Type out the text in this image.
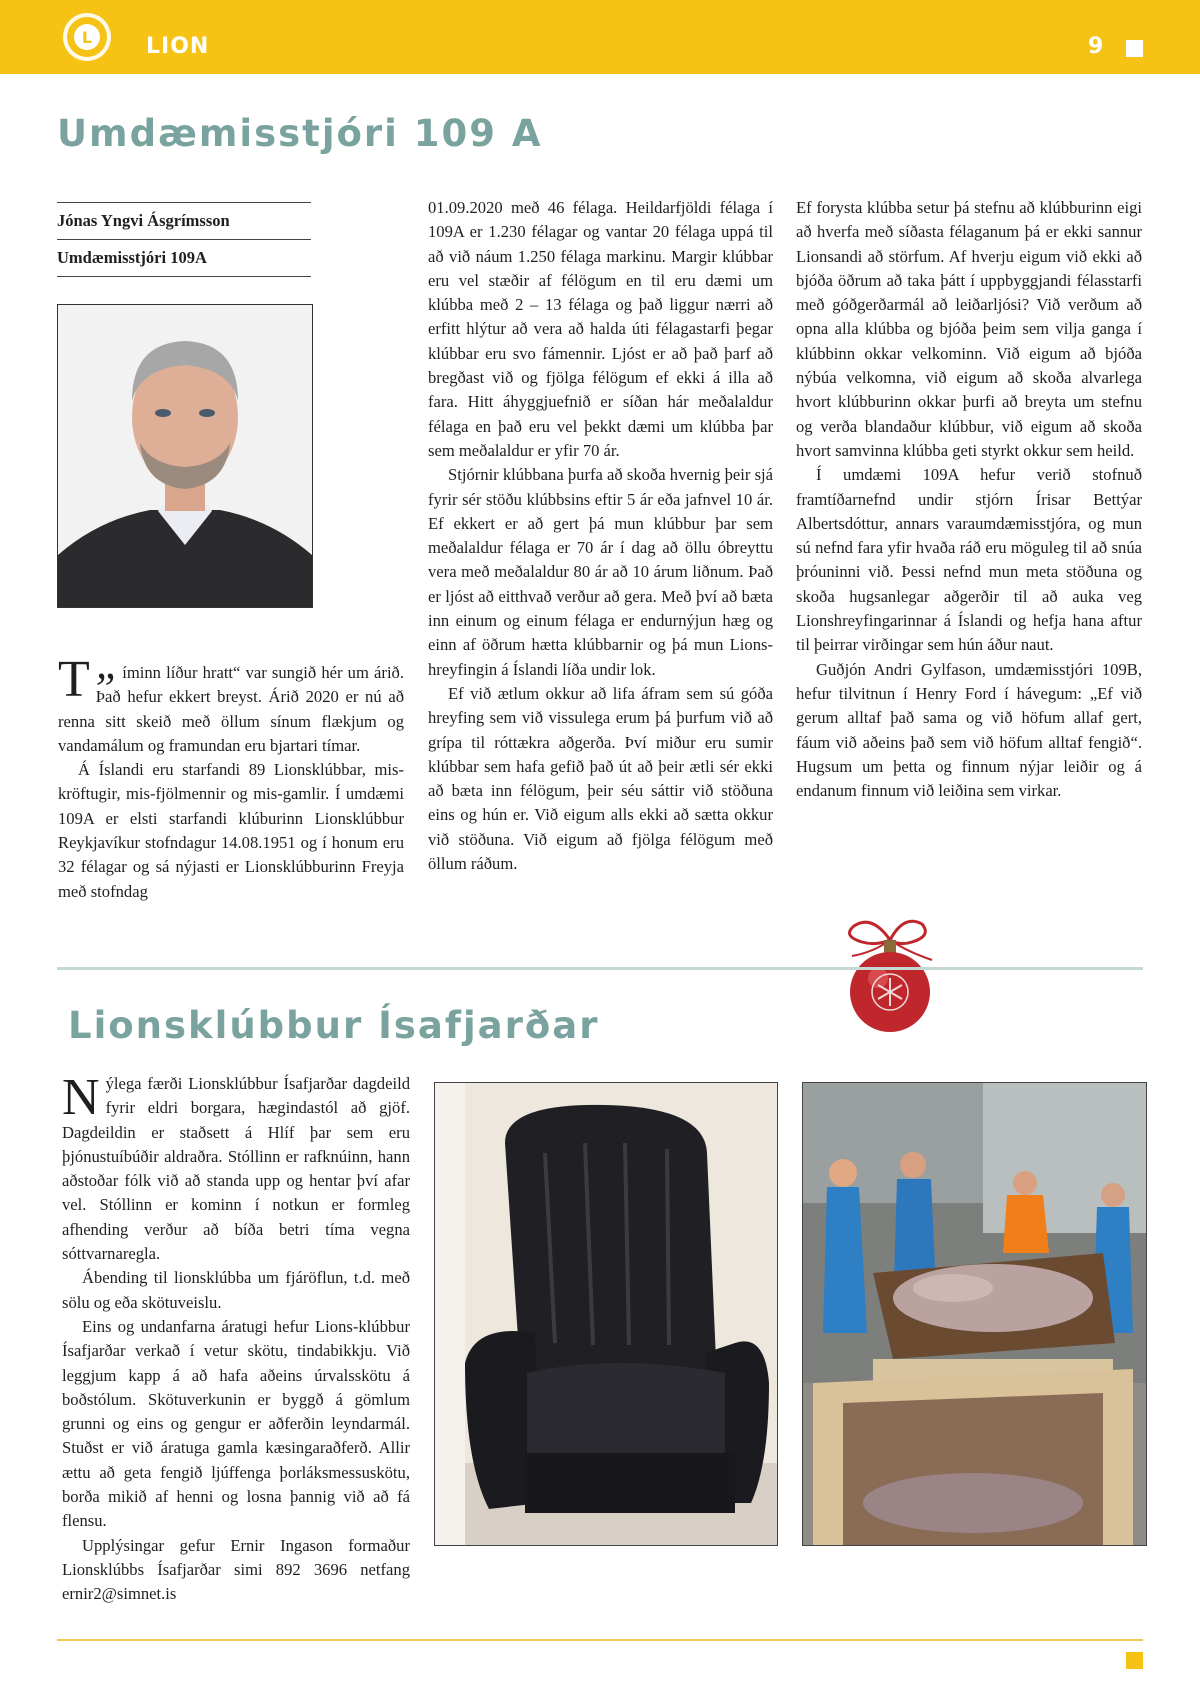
L LION	9
Umdæmisstjóri 109 A
Jónas Yngvi Ásgrímsson
Umdæmisstjóri 109A

„
T íminn líður hratt“ var sungið hér um árið. Það hefur ekkert breyst. Árið 2020 er nú að renna sitt skeið með öllum sínum flækjum og vandamálum og framundan eru bjartari tímar.

Á Íslandi eru starfandi 89 Lionsklúbbar, mis-kröftugir, mis-fjölmennir og mis-gamlir. Í umdæmi 109A er elsti starfandi klúburinn Lionsklúbbur Reykjavíkur stofndagur 14.08.1951 og í honum eru 32 félagar og sá nýjasti er Lionsklúbburinn Freyja með stofndag

01.09.2020 með 46 félaga. Heildarfjöldi félaga í 109A er 1.230 félagar og vantar 20 félaga uppá til að við náum 1.250 félaga markinu. Margir klúbbar eru vel stæðir af félögum en til eru dæmi um klúbba með 2 – 13 félaga og það liggur nærri að erfitt hlýtur að vera að halda úti félagastarfi þegar klúbbar eru svo fámennir. Ljóst er að það þarf að bregðast við og fjölga félögum ef ekki á illa að fara. Hitt áhyggjuefnið er síðan hár meðalaldur félaga en það eru vel þekkt dæmi um klúbba þar sem meðalaldur er yfir 70 ár.

Stjórnir klúbbana þurfa að skoða hvernig þeir sjá fyrir sér stöðu klúbbsins eftir 5 ár eða jafnvel 10 ár. Ef ekkert er að gert þá mun klúbbur þar sem meðalaldur félaga er 70 ár í dag að öllu óbreyttu vera með meðalaldur 80 ár að 10 árum liðnum. Það er ljóst að eitthvað verður að gera. Með því að bæta inn einum og einum félaga er endurnýjun hæg og einn af öðrum hætta klúbbarnir og þá mun Lions-hreyfingin á Íslandi líða undir lok.

Ef við ætlum okkur að lifa áfram sem sú góða hreyfing sem við vissulega erum þá þurfum við að grípa til róttækra aðgerða. Því miður eru sumir klúbbar sem hafa gefið það út að þeir ætli sér ekki að bæta inn félögum, þeir séu sáttir við stöðuna eins og hún er. Við eigum alls ekki að sætta okkur við stöðuna. Við eigum að fjölga félögum með öllum ráðum.

Ef forysta klúbba setur þá stefnu að klúbburinn eigi að hverfa með síðasta félaganum þá er ekki sannur Lionsandi að störfum. Af hverju eigum við ekki að bjóða öðrum að taka þátt í uppbyggjandi félasstarfi með góðgerðarmál að leiðarljósi? Við verðum að opna alla klúbba og bjóða þeim sem vilja ganga í klúbbinn okkar velkominn. Við eigum að bjóða nýbúa velkomna, við eigum að skoða alvarlega hvort klúbburinn okkar þurfi að breyta um stefnu og verða blandaður klúbbur, við eigum að skoða hvort samvinna klúbba geti styrkt okkur sem heild.

Í umdæmi 109A hefur verið stofnuð framtíðarnefnd undir stjórn Írisar Bettýar Albertsdóttur, annars varaumdæmisstjóra, og mun sú nefnd fara yfir hvaða ráð eru möguleg til að snúa þróuninni við. Þessi nefnd mun meta stöðuna og skoða hugsanlegar aðgerðir til að auka veg Lionshreyfingarinnar á Íslandi og hefja hana aftur til þeirrar virðingar sem hún áður naut.

Guðjón Andri Gylfason, umdæmisstjóri 109B, hefur tilvitnun í Henry Ford í hávegum: „Ef við gerum alltaf það sama og við höfum allaf gert, fáum við aðeins það sem við höfum alltaf fengið“. Hugsum um þetta og finnum nýjar leiðir og á endanum finnum við leiðina sem virkar.

Lionsklúbbur Ísafjarðar

Nýlega færði Lionsklúbbur Ísafjarðar dagdeild fyrir eldri borgara, hægindastól að gjöf. Dagdeildin er staðsett á Hlíf þar sem eru þjónustuíbúðir aldraðra. Stóllinn er rafknúinn, hann aðstoðar fólk við að standa upp og hentar því afar vel. Stóllinn er kominn í notkun er formleg afhending verður að bíða betri tíma vegna sóttvarnaregla.

Ábending til lionsklúbba um fjáröflun, t.d. með sölu og eða skötuveislu.

Eins og undanfarna áratugi hefur Lions-klúbbur Ísafjarðar verkað í vetur skötu, tindabikkju. Við leggjum kapp á að hafa aðeins úrvalsskötu á boðstólum. Skötuverkunin er byggð á gömlum grunni og eins og gengur er aðferðin leyndarmál. Stuðst er við áratuga gamla kæsingaraðferð. Allir ættu að geta fengið ljúffenga þorláksmessuskötu, borða mikið af henni og losna þannig við að fá flensu.

Upplýsingar gefur Ernir Ingason formaður Lionsklúbbs Ísafjarðar simi 892 3696 netfang ernir2@simnet.is
